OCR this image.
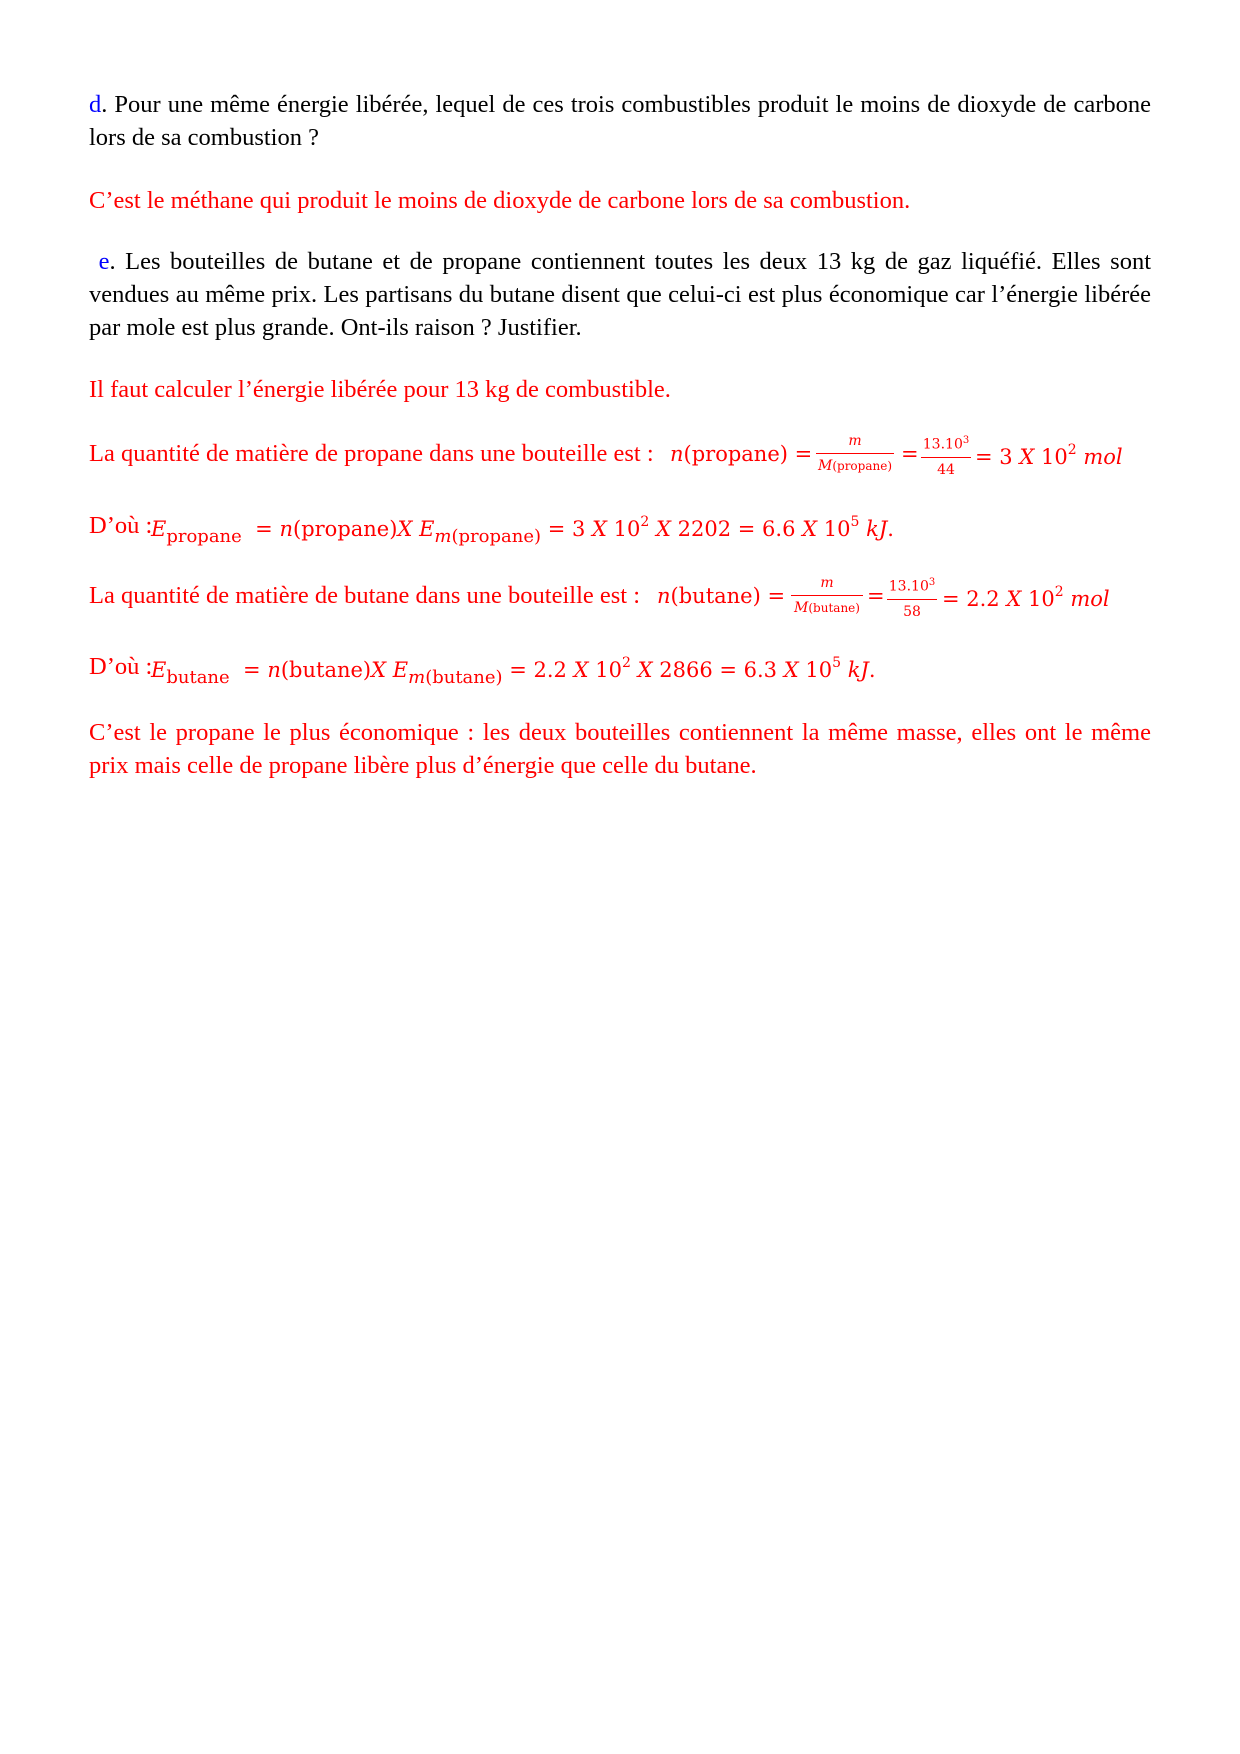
d. Pour une même énergie libérée, lequel de ces trois combustibles produit le moins de dioxyde de carbone lors de sa combustion ?

C’est le méthane qui produit le moins de dioxyde de carbone lors de sa combustion.

e. Les bouteilles de butane et de propane contiennent toutes les deux 13 kg de gaz liquéfié. Elles sont vendues au même prix. Les partisans du butane disent que celui-ci est plus économique car l’énergie libérée par mole est plus grande. Ont-ils raison ? Justifier.

Il faut calculer l’énergie libérée pour 13 kg de combustible.

La quantité de matière de propane dans une bouteille est : n(propane) =
m
M(propane) = $13.10^3$
44
= 3 X $10^2$ mol
D’où :
$E_{propane}$ = n(propane)X $E_{m(propane)} = 3$ X $10^2$ X 2202 = 6.6 X $10^5$ kJ.
La quantité de matière de butane dans une bouteille est : n(butane) =
m
$M(butane) = 13.10^3$
58
= 2.2 X $10^2$ mol
D’où :
$E_{butane} = n(butane)X$ $E_{m(butane)} = 2.2$ X $10^2$ X 2866 = 6.3 X $10^5$ kJ.

C’est le propane le plus économique : les deux bouteilles contiennent la même masse, elles ont le même prix mais celle de propane libère plus d’énergie que celle du butane.
